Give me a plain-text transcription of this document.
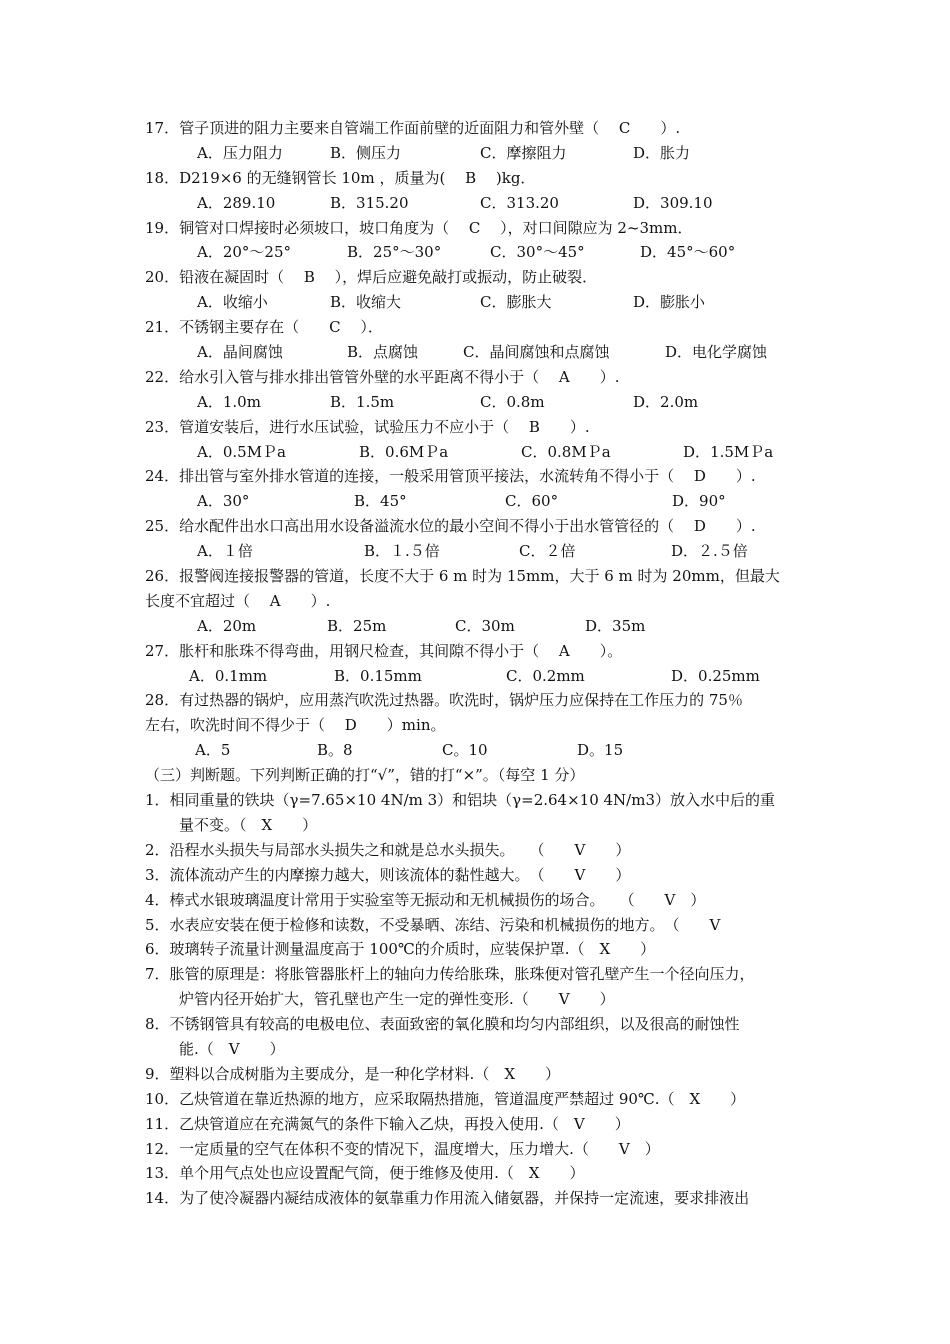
17．管子顶进的阻力主要来自管端工作面前壁的近面阻力和管外壁（　 C　　）.
A．压力阻力	B．侧压力	C．摩擦阻力	D．胀力
18．D219×6 的无缝钢管长 10m ，质量为(　 B　 )kg．
A．289.10	B．315.20	C．313.20	D．309.10
19．铜管对口焊接时必须坡口，坡口角度为（　 C　 ），对口间隙应为 2~3mm．
A．20°～25°	B．25°～30°	C．30°～45°	D．45°～60°
20．铅液在凝固时（　 B　 ），焊后应避免敲打或振动，防止破裂．
A．收缩小	B．收缩大	C．膨胀大	D．膨胀小
21．不锈钢主要存在（　　C　 ）．
A．晶间腐蚀	B．点腐蚀	C．晶间腐蚀和点腐蚀	D．电化学腐蚀
22．给水引入管与排水排出管管外壁的水平距离不得小于（　 A　　）.
A．1.0m	B．1.5m	C．0.8m	D．2.0m
23．管道安装后，进行水压试验，试验压力不应小于（　 B　　）.
A．0.5MＰa	B．0.6MＰa	C．0.8MＰa	D．1.5MＰa
24．排出管与室外排水管道的连接，一般采用管顶平接法，水流转角不得小于（　 D　　）.
A．30°	B．45°	C．60°	D．90°
25．给水配件出水口高出用水设备溢流水位的最小空间不得小于出水管管径的（　 D　　）.
A．１倍	B．１.５倍	C．２倍	D．２.５倍
26．报警阀连接报警器的管道，长度不大于 6 m 时为 15mm，大于 6 m 时为 20mm，但最大
长度不宜超过（　 A　　）.
A．20m	B．25m	C．30m	D．35m
27．胀杆和胀珠不得弯曲，用钢尺检查，其间隙不得小于（　 A　　）。
A．0.1mm	B．0.15mm	C．0.2mm	D．0.25mm
28．有过热器的锅炉，应用蒸汽吹洗过热器。吹洗时，锅炉压力应保持在工作压力的 75％
左右，吹洗时间不得少于（　 D　　）min。
A．5	B。8	C。10	D。15
（三）判断题。下列判断正确的打“√”，错的打“×”。（每空 1 分）
1．相同重量的铁块（γ=7.65×10 4N/m 3）和铝块（γ=2.64×10 4N/m3）放入水中后的重
量不变。（　X　　）
2．沿程水头损失与局部水头损失之和就是总水头损失。　　（　　V　　）
3．流体流动产生的内摩擦力越大，则该流体的黏性越大。　（　　V　　）
4．棒式水银玻璃温度计常用于实验室等无振动和无机械损伤的场合。　　（　　V　）
5．水表应安装在便于检修和读数，不受暴晒、冻结、污染和机械损伤的地方。　（　　V
6．玻璃转子流量计测量温度高于 100℃的介质时，应装保护罩.（　X　　）
7．胀管的原理是：将胀管器胀杆上的轴向力传给胀珠，胀珠便对管孔壁产生一个径向压力，
炉管内径开始扩大，管孔壁也产生一定的弹性变形.（　　V　　）
8．不锈钢管具有较高的电极电位、表面致密的氧化膜和均匀内部组织，以及很高的耐蚀性
能.（　V　　）
9．塑料以合成树脂为主要成分，是一种化学材料.（　X　　）
10．乙炔管道在靠近热源的地方，应采取隔热措施，管道温度严禁超过 90℃.（　X　　）
11．乙炔管道应在充满氮气的条件下输入乙炔，再投入使用.（　V　　）
12．一定质量的空气在体积不变的情况下，温度增大，压力增大.（　　V　）
13．单个用气点处也应设置配气筒，便于维修及使用.（　X　　）
14．为了使冷凝器内凝结成液体的氨靠重力作用流入储氨器，并保持一定流速，要求排液出
